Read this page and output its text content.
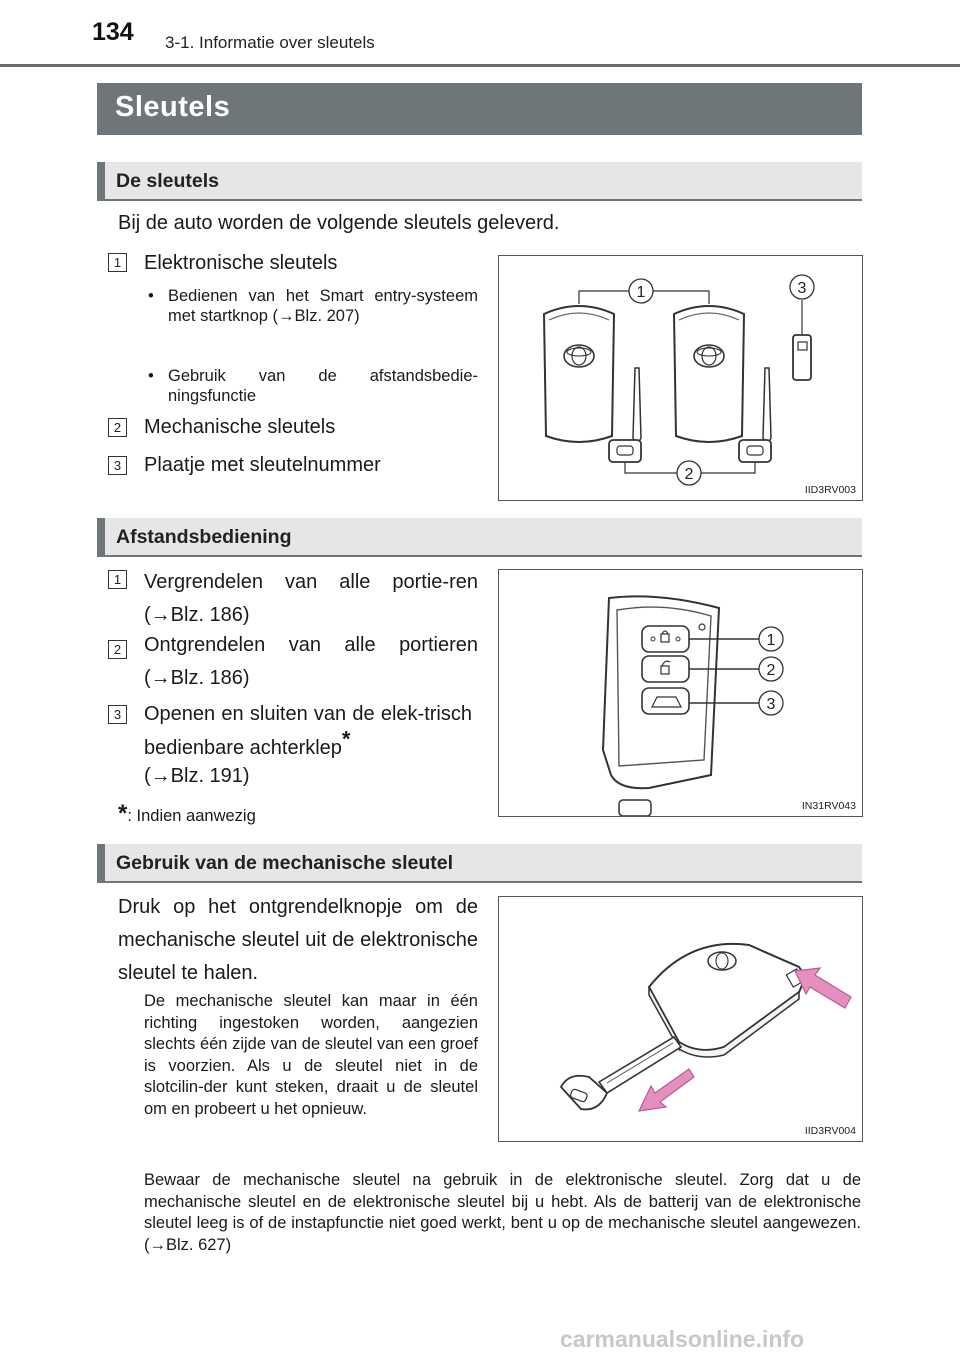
134 3-1. Informatie over sleutels
Sleutels
De sleutels
Bij de auto worden de volgende sleutels geleverd.
1 Elektronische sleutels
• Bedienen van het Smart entry-systeem met startknop (→Blz. 207)
• Gebruik van de afstandsbedie-ningsfunctie
2 Mechanische sleutels
3 Plaatje met sleutelnummer
1	3
2
IID3RV003
Afstandsbediening
1 Vergrendelen van alle portie-ren (→Blz. 186)
2 Ontgrendelen van alle portieren (→Blz. 186)
3 Openen en sluiten van de elek-trisch bedienbare achterklep*
(→Blz. 191)
*: Indien aanwezig
1
2
3
IN31RV043
Gebruik van de mechanische sleutel
Druk op het ontgrendelknopje om de mechanische sleutel uit de elektronische sleutel te halen.
De mechanische sleutel kan maar in één richting ingestoken worden, aangezien slechts één zijde van de sleutel van een groef is voorzien. Als u de sleutel niet in de slotcilin-der kunt steken, draait u de sleutel om en probeert u het opnieuw.
IID3RV004
Bewaar de mechanische sleutel na gebruik in de elektronische sleutel. Zorg dat u de mechanische sleutel en de elektronische sleutel bij u hebt. Als de batterij van de elektronische sleutel leeg is of de instapfunctie niet goed werkt, bent u op de mechanische sleutel aangewezen. (→Blz. 627)
carmanualsonline.info
